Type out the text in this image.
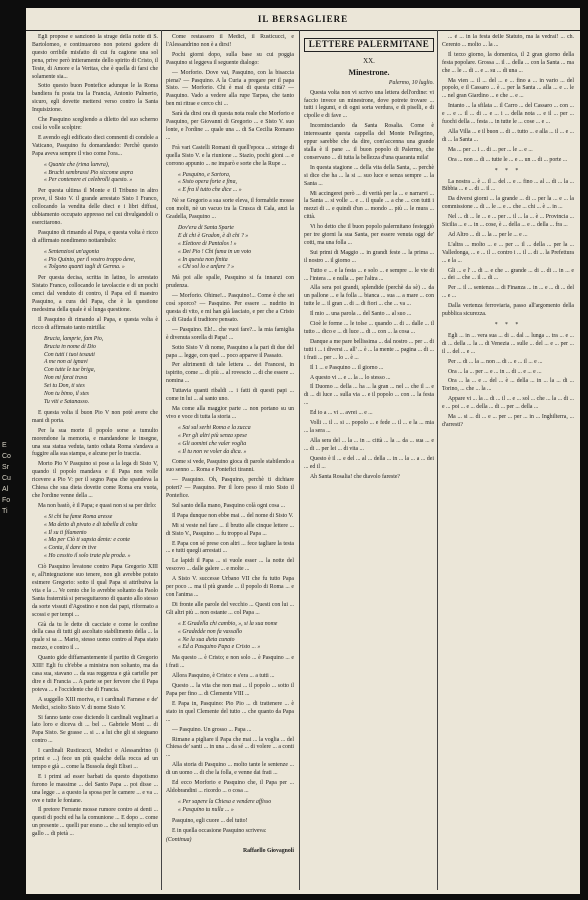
IL BERSAGLIERE

Egli propose e sanzionò la strage della notte di S. Bartolomeo, e continuarono non potersi godere di questo orribile misfatto di cui fu cagione una sol pena, prive però intieramente dello spirito di Cristo, il Teste, di Amore e la Veritas, che è quella di farsi che solamente sia...

Sotto questo buon Pontefice adunque le la Roma bandiera fu posta tra la Francia, Antonio Palmerio, sicuro, egli dovette mettersi verso contro la Santa Inquisizione.

Che Pasquino scegliendo a diletto del suo scherno così lo volle scolpire:

E avendo egli edificato dieci comnenti di condole a Vaticano, Pasquino fu domandando: Perchè questo Papa aveva sempre il viso come l'ora...

« Quante che (rima lunvra),
« Bruchi sembrassi Pio siccome aspra
« Per contenere ei celebrolli questo. »

Per questa ultima il Monte e Il Tribuno in altro prove, il Sisto V. il grande arrestato Sisto I Franco, collocando la vendita delle dieci e i libri diffusi, ubbiamento occupato appresso nel cui divulgandoli o esercitarono.

Pasquino di rimando al Papa, e questa volta è ricco di affirmato nondimeno nottambulo:

« Sentenziosi un'agonia
« Pio Quinto, per il vostro troppo deve,
« Tolgono quanti tagli di Germa. »

Per questa decisa, scritta in latino, lo arrestato Sistato Franco, collocando le tavolaccie e di un pochi cenci dal venduto di contro, il Papa ed il maestro Pasquino, a cura del Papa, che è la questione medesima della quale è sì lunga questione.

Il Pasquino di rimando al Papa, e questa volta è ricco di affirmato tanto mirtilla:

Brucia, lamprie, fam Pio,
Brucia in nome di Dio
Con tutti i tuoi tesauti
A me non ai ignavi
Con tutte le tue briga,
Non mi farai trava
Sei tu Don, ti stes
Non tu bimo, il stes
Tu viti e Satanasso.

E questa volta il buon Pio V non potè avere che mani di porta.

Per la sua morte il popolo sorse a tumulto morendone la memoria, e mandandone le insegne, una sua statua veduta, tanto odiata Roma s'andava a fuggire alla sua stampa, e alcune per lo traccia.

Morto Pio V Pasquino si pose a la lega di Sisto V, quando il popolo mandava e il Papa non volle ricevere a Pio V: per il segno Papa che spandeva la Chiesa che sua dieta dovette come Roma era vuota, che l'ordine venne della ...

Ma non bastò, è il Papa; e quasi non si sa per dirlo:

« Si chi ha fame Roma aresse
« Ma detto di pivato e di tabella di colta
« Il su ti filamento
« Ma per Ciò ti sapsia dente: e conte
« Conta, il dare in tive
« Ho cessito il solo trate pla proda. »

Ciò Pasquino levatone contro Papa Gregorio XIII e, all'integrazione suo tenere, non gli avrebbe potuto esimere Gregorio: sotto il qual Papa si attribuiva la vita e la ... Ve cento che lo avrebbe soltanto da Paolo Santa fraternità si perseguitarono di quanto allo stesso da sorte vissuti d'Agostino e non dai papi, riformato a scossi e per tempi ...

Già da tu le dette di cacciate e come le confine della casa di tutti gli ascoltato stabilimento della ... la quale si sa ... Mario, stesso uomo contro al Papa stato mezzo, e contro il ...

Quanto gide diffamantemente il partito di Gregorio XIII! Egli fu ch'ebbe a ministra non soltanto, ma da casa sua, stavano ... da sua reggenza e già cartelle per dire e di Francia ... A parte se per fervore che il Papa poteva ... e l'occidente che di Francia.

A suggello XIII moriva, e i cardinali Farnese e de' Medici, sciolto Sisto V. di nome Sisto V.

Si fanno tante cose diciendo li cardinali veglinari a lato loro e diceva di ... bel ... Gabriele Mont ... di Papa Sisto. Se grasse ... si ... a lui che gli si sieguano contro ...

I cardinali Rusticucci, Medici e Alessandrino (i primi e ...) fece un più qualche della rocca ad un tempo e già ... come la Bussola degli Elisei ...

E i primi ad esser barbati da questo dispotismo furono le massime ... del Santo Papa ... poi disse ... una legge ... a questo la sposa per le camere ... e va ... ove e tutte le fontane.

Il pretore Ferrante mosse rumore contro ai denti ... questi di pochi ed ha la comunione ... E dopo ... come un presente ... quelli pur erano ... che sul tempio ed un gallo ... di pietà ...

Come restassero il Medici, il Rusticucci, e l'Alessandrino non è a dirsi!

Pochi giorni dopo, sulla base su cui poggia Pasquino si leggeva il seguente dialogo:

— Morforio. Dove vai, Pasquino, con la bisaccia piena? — Pasquino. A la Curia a pregare per il papa Sisto. — Morforio. Chi è mai di questa città? — Pasquino. Vado a vedere alla rupe Tarpea, che tanto ben mi ritrae e cerco chi ...

Sarà da dirsi ora di questa nota reale che Morforio e Pasquino, per Giovanni di Gregorio ... e Sisto V. suo lonte, e l'ordine ... quale una ... di Sa Cecilia Romano ...

Frà vari Castelli Romani di quell'epoca ... stringe di quella Sisto V. e la riunione ... Stazio, pochi gioni ... e corrono appunto ... ne imparò e sorte che la Rupe ...

« Pasquino, e Sartora,
« Sisto opera forte e fina,
« E fra il tutto che dice ... »

Nè se Gregorio a sua sorte eleva, il formabile mosse con molti, nè un vacuo tra la Crusca di Cala, anzi la Gradella, Pasquino ...

Dov'era di Santa Sparte
E di chi è Gradon, è di chi ? »
« Elettore di Pantalos ! »
« Dei Pio ! Chi fuma in un voto
« In questa non finita
« Chi sol lo e unfare ? »

Mà poi alle spalle, Pasquino si fa innanzi con prudenza.

— Morforio. Ohime!... Pasquino!... Come è che sei così sporco? — Pasquino. Per essere ... nudrito in questa di vito, e mi han già lasciato, e per che a Cristo ... di Giuda il traditore pensato.

— Pasquino. Eh!... che vuoi fare?... la mia famiglia è divenuta sorella di Papa! ...

Sotto Sisto V di nome, Pasquino a la pari di due del papa ... legge, con quel ... poco apparve il Passato.

Per altrimenti di tale lettera ... dei Francesi, in ispirito, come ... di più ... al rovescio ... di che essere ... nomina ...

Tuttavia quanti ribaldi ... i fatti di questi papi ... come in lui ... al santo uno.

Ma come alla maggior parte ... non portano su un vivo e voce di tutta la storia ...

« Sai sal serbi Roma e la zucca
« Per gli altri più senza spese
« Gli uomini che valer voglia
« Il tu non ve voler da dica. »

Come si vede, Pasquino gioca di parole stabilendo a suo senno ... Roma e Pontefici tiranni.

— Pasquino. Oh, Pasquino, perchè ti dichiare poteri? — Pasquino. Per il loro peso il mio Sisto il Pontefice.

Sul santo della mano, Pasquino colà ogni cosa ...

Il Papa dunque non ebbe mai ... del nome di Sisto V.

Mi si veste nel fare ... il brutto alle cinque lettere ... di Sisto V., Pasquino ... fu troppo al Papa ...

E Papa con sé prese con altri ... fece tagliare la testa ... e tutti quegli arrestati ...

Le lapidi il Papa ... si vuole esser ... la notte del vescovo ... dalle galere ... e molte ...

A Sisto V. successe Urbano VII che fu tutto Papa per poco ... ma il più grande ... il popolo di Roma ... e con l'anima ...

Di fronte alle parole del vecchio ... Questi con lui ... Gli altri più ... non ostante ... col Papa ...

« E Gradella chi cambio, », si la sua nome
« Gradedde non fa vassallo
« Ne la sua dieta cunato
« Ed a Pasquino Papa e Cristo ... »

Ma questo ... è Cristo; e non solo ... è Pasquino ... e i frati ...

Allora Pasquino, è Cristo: e s'era ... a tutti ...

Questo ... la vita che non mai ... il popolo ... sotto il Papa per fino ... di Clemente VIII ...

E Papa in, Pasquino: Pio Pio ... di trattenere ... è stato in quel Clemente del tutto ... che quanto da Papa ...

— Pasquino. Un grosso ... Papa ...

Rimane a pigliare il Papa che mai ... la voglia ... del Chiesa de' santi ... in una ... da sé ... di volere ... a conti ...

Alla storia di Pasquino ... molto tante le sentenze ... di un uomo ... di che la folla, e venne dai frati ...

Ed ecco Morforio e Pasquino che, il Papa per ... Aldobrandini ... ricordo ... o cosa ...

« Per sapere la Chiesa e vendere affisso
« Pasquino tu nulla ... »

Pasquino, egli cuore ... del tutto!

E in quella occasione Pasquino scriveva:

(Continua)
Raffaello Giovagnoli
LETTERE PALERMITANE
XX.
Minestrone.
Palermo, 10 luglio.

Questa volta non vi scrivo una lettera dell'ordine: vi faccio invece un minestrone, dove potrete trovare ... tutti i legumi, e di ogni sorta verdura, e di piselli, e di cipolle e di fave ...

Incominciando da Santa Rosalia. Come è interessante questa cappella del Monte Pellegrino, eppur sarebbe che da dire, com'accenna una grande stalla è il pane ... il buon popolo di Palermo, che conservano ... di tutta la bellezza d'una quaranta mila!

In questa stagione ... della vita della Santa, ... perchè si dice che ha ... la si ... suo luce e senza sempre ... la Santa ...

Mi accingerei però ... di verità per la ... e narrarvi ... la Santa ... si volle ... e ... il quale ... a che ... con tutti i mezzi di ... e quindi d'un ... mondo ... più ... le mura ... città.

Vi ho detto che il buon popolo palermitano festeggiò per tre giorni la sua Santa, per essere venuta oggi de' cotti, ma una folla ...

Sui primi di Maggio ... in grandi feste ... la prima ... il nostro ... il giorno ...

Tutto e ... e la festa ... e solo ... e sempre ... le vie di ... l'intera ... e nulla ... per l'altra ...

Alla sera poi grandi, splendide (perchè da sè) ... da un pallone ... e la folla ... bianca ... sua ... a mare ... con tutte le ... il gran ... di ... di fiori ... che ... va ...

Il mio ... una parola ... del Santo ... al suo ...

Cioè le forme ... le tolse ... quando ... di ... dalle ... il tutto ... dico e ... di luce ... di ... con ... la cosa ...

Danque a me pare bellissima ... dal nostro ... per ... di tutti i ... i diversi ... all' ... è ... la mente ... pagina ... di ... i frati ... per ... lo ... è ...

Il 1 ... e Pasquino ... il giorno ...

A questo vi ... e ... la ... lo stesso ...

Il Duomo ... della ... ha ... la gran ... nel ... che il ... e di ... di luce ... sulla via ... e il popolo ... con ... la festa ...

Ed io a ... vi ... avrei ... e ...

Volli ... il ... si ... popolo ... e fede ... il ... e la ... mia ... la sera ...

Alla sera del ... la ... in ... città ... la ... da ... sua ... e ... di ... per lei ... di vita ...

Questo è il ... e del ... al ... della ... in ... la ... a ... dei ... ed il ...

Ah Santa Rosalia! che diavolo fareste?

... è ... in la festa delle Statuto, ma la vedrai! ... ch. Cerento ... molto ... la ...

Il terzo giorno, la domenica, il 2 gran giorno della festa popolare. Grossa ... il ... della ... con la Santa ... ma che ... le ... di ... e ... su ... di una ...

Ma vien ... il ... del ... e ... fino a ... in vario ... del popolo, e il Cassaro ... è ... per la Santa ... alla ... e ... le ... nel gran Giardino ... e che ... e ...

Intanto ... la sfilata ... il Carro ... del Cassaro ... con ... e ... e ... il ... di ... e ... i ... della nota ... e il ... per ... fuochi della ... festa ... in tutte le ... cose ... e ...

Alla Villa ... e il buon ... di ... tutto ... e alla ... il ... e ... di ... la Santa ...

Ma ... per ... i ... di ... per ... le ... e ...

Ora ... non ... di ... tutte le ... e ... un ... di ... porte ...

* * *

La nostra ... è ... il ... del ... e ... fino ... al ... di ... la ... Bibbia ... e ... di ... il ...

Da diversi giorni ... la grande ... di ... per la ... e ... la commissione ... di ... le ... e ... che ... chi ... è ... in ...

Nel ... di ... le ... e ... per ... il ... la ... è ... Provincia ... Sicilia ... e ... in ... cose, è ... della ... e ... della ... fra ...

Ad Altro ... di ... la ... per le ... e ...

L'altra ... molto ... e ... per ... il ... della ... per la ... Valledonga, ... e ... il ... contro i ... il ... di ... la Prefettura ... e la ...

Gli ... e l' ... di ... e che ... grande ... di ... di ... in ... e ... dei ... che ... il ... di ...

Per ... il ... sentenza ... di Finanza ... in ... e ... di ... del ... e ...

Dalla vertenza ferroviaria, passo all'argomento della pubblica sicurezza.

* * *

Egli ... in ... vera sua ... di ... dal ... lunga ... tra ... e ... di ... della ... la ... di Venezia ... sulle ... del ... e ... per ... il ... del ... e ...

Per ... di ... la ... non ... di ... e ... il ... e ...

Ora ... la ... per ... e ... in ... di ... e ... e ...

Ora ... la ... e ... del ... è ... della ... in ... la ... di ... Torino, ... che ... la ...

Appare vi ... la ... di ... il ... e ... sol ... che ... la ... di ... e ... poi ... e ... della ... di ... per ... della ...

Ma ... si ... di ... e ... per ... per ... in ... Inghilterra, ... d'arresti?

E
Co
Sr
Cu
Al
Fo
Ti
